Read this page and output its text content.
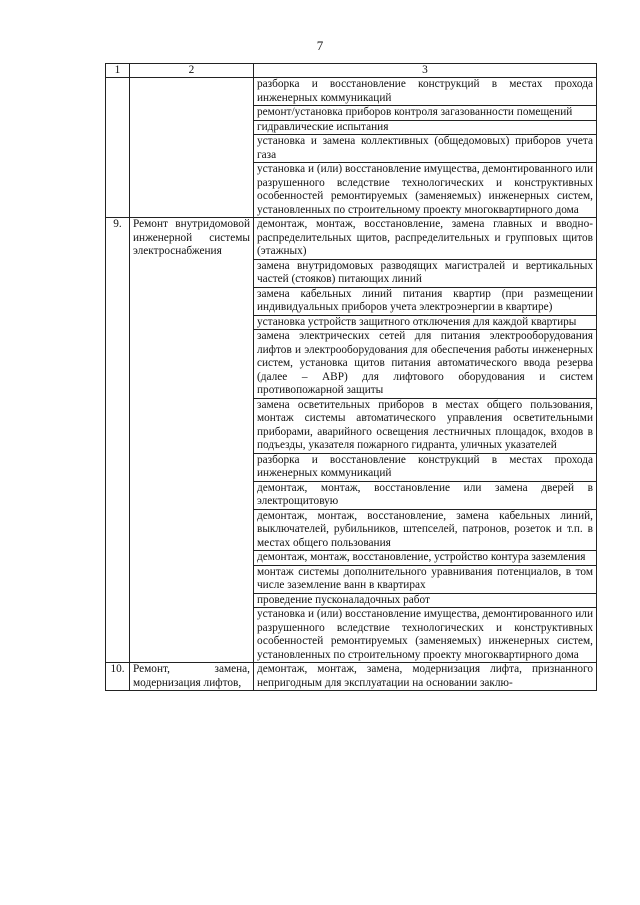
7
1	2	3
		разборка и восстановление конструкций в местах прохода инженерных коммуникаций
		ремонт/установка приборов контроля загазованности помещений
		гидравлические испытания
		установка и замена коллективных (общедомовых) приборов учета газа
		установка и (или) восстановление имущества, демонтированного или разрушенного вследствие технологических и конструктивных особенностей ремонтируемых (заменяемых) инженерных систем, установленных по строительному проекту многоквартирного дома
9.	Ремонт внутридомовой инженерной системы электроснабжения	демонтаж, монтаж, восстановление, замена главных и вводно-распределительных щитов, распределительных и групповых щитов (этажных)
		замена внутридомовых разводящих магистралей и вертикальных частей (стояков) питающих линий
		замена кабельных линий питания квартир (при размещении индивидуальных приборов учета электроэнергии в квартире)
		установка устройств защитного отключения для каждой квартиры
		замена электрических сетей для питания электрооборудования лифтов и электрооборудования для обеспечения работы инженерных систем, установка щитов питания автоматического ввода резерва (далее – АВР) для лифтового оборудования и систем противопожарной защиты
		замена осветительных приборов в местах общего пользования, монтаж системы автоматического управления осветительными приборами, аварийного освещения лестничных площадок, входов в подъезды, указателя пожарного гидранта, уличных указателей
		разборка и восстановление конструкций в местах прохода инженерных коммуникаций
		демонтаж, монтаж, восстановление или замена дверей в электрощитовую
		демонтаж, монтаж, восстановление, замена кабельных линий, выключателей, рубильников, штепселей, патронов, розеток и т.п. в местах общего пользования
		демонтаж, монтаж, восстановление, устройство контура заземления
		монтаж системы дополнительного уравнивания потенциалов, в том числе заземление ванн в квартирах
		проведение пусконаладочных работ
		установка и (или) восстановление имущества, демонтированного или разрушенного вследствие технологических и конструктивных особенностей ремонтируемых (заменяемых) инженерных систем, установленных по строительному проекту многоквартирного дома
10.	Ремонт, замена, модернизация лифтов,	демонтаж, монтаж, замена, модернизация лифта, признанного непригодным для эксплуатации на основании заклю-
